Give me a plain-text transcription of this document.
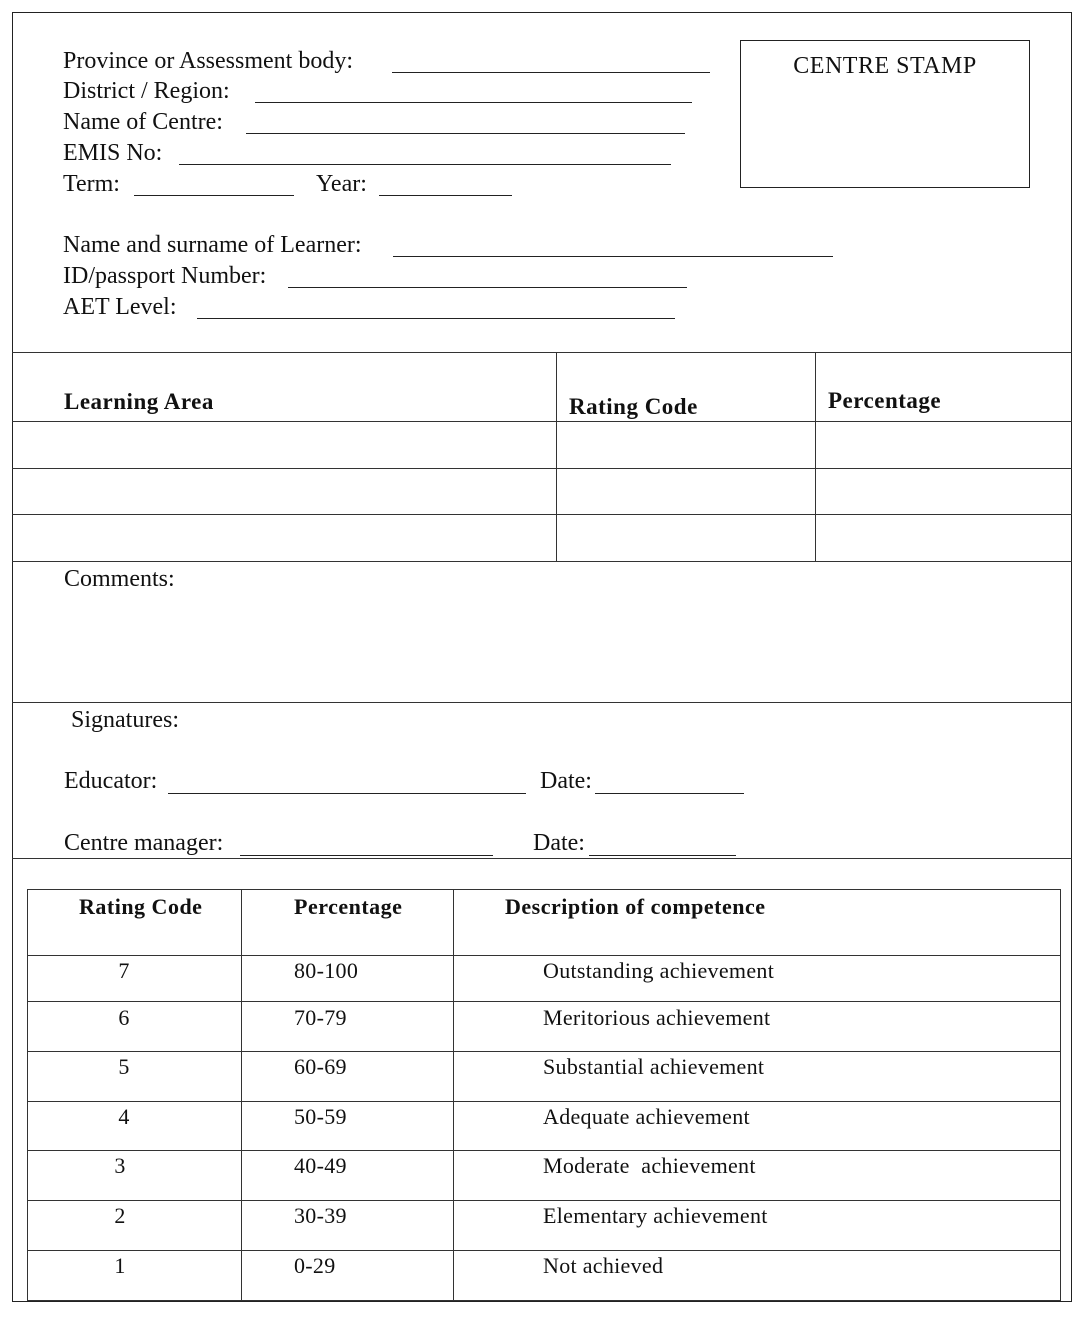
Province or Assessment body:
District / Region:
Name of Centre:
EMIS No:
Term:	Year:
CENTRE STAMP
Name and surname of Learner:
ID/passport Number:
AET Level:
Learning Area	Rating Code	Percentage
Comments:
Signatures:
Educator:	Date:
Centre manager:	Date:
Rating Code	Percentage	Description of competence
7	80-100	Outstanding achievement
6	70-79	Meritorious achievement
5	60-69	Substantial achievement
4	50-59	Adequate achievement
3	40-49	Moderate  achievement
2	30-39	Elementary achievement
1	0-29	Not achieved
